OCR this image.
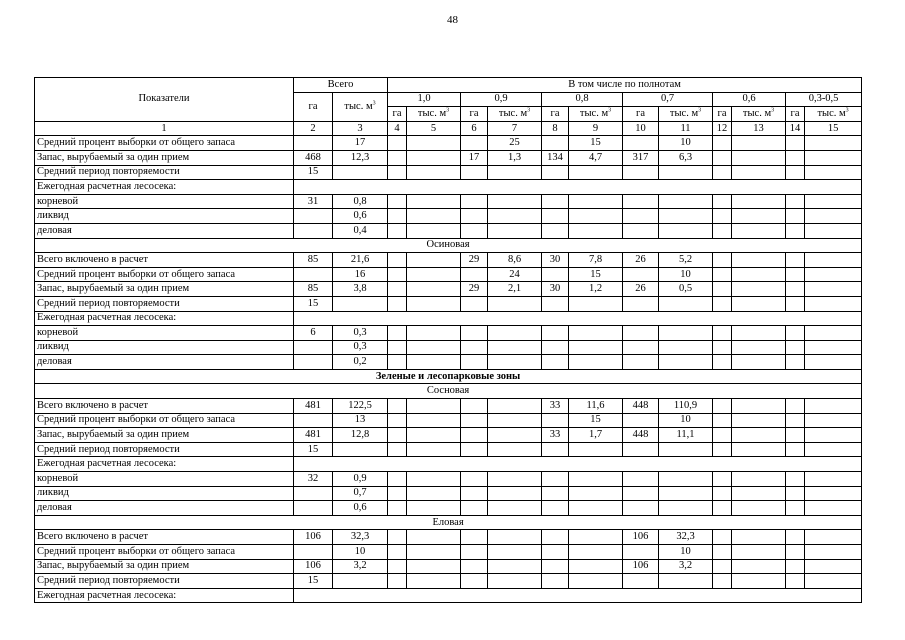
48
Показатели	Всего		В том числе по полнотам											
	га	тыс. $м^3$	1,0		0,9		0,8		0,7		0,6		0,3-0,5	
			га	тыс. $м^3$	га	тыс. $м^3$	га	тыс. $м^3$	га	тыс. $м^3$	га	тыс. $м^3$	га	тыс. $м^3$
1	2	3	4	5	6	7	8	9	10	11	12	13	14	15
Средний процент выборки от общего запаса		17				25		15		10				
Запас, вырубаемый за один прием	468	12,3			17	1,3	134	4,7	317	6,3				
Средний период повторяемости	15													
Ежегодная расчетная лесосека:														
корневой	31	0,8												
ликвид		0,6												
деловая		0,4												
Осиновая														
Всего включено в расчет	85	21,6			29	8,6	30	7,8	26	5,2				
Средний процент выборки от общего запаса		16				24		15		10				
Запас, вырубаемый за один прием	85	3,8			29	2,1	30	1,2	26	0,5				
Средний период повторяемости	15													
Ежегодная расчетная лесосека:														
корневой	6	0,3												
ликвид		0,3												
деловая		0,2												
Зеленые и лесопарковые зоны														
Сосновая														
Всего включено в расчет	481	122,5					33	11,6	448	110,9				
Средний процент выборки от общего запаса		13						15		10				
Запас, вырубаемый за один прием	481	12,8					33	1,7	448	11,1				
Средний период повторяемости	15													
Ежегодная расчетная лесосека:														
корневой	32	0,9												
ликвид		0,7												
деловая		0,6												
Еловая														
Всего включено в расчет	106	32,3							106	32,3				
Средний процент выборки от общего запаса		10								10				
Запас, вырубаемый за один прием	106	3,2							106	3,2				
Средний период повторяемости	15													
Ежегодная расчетная лесосека:														
